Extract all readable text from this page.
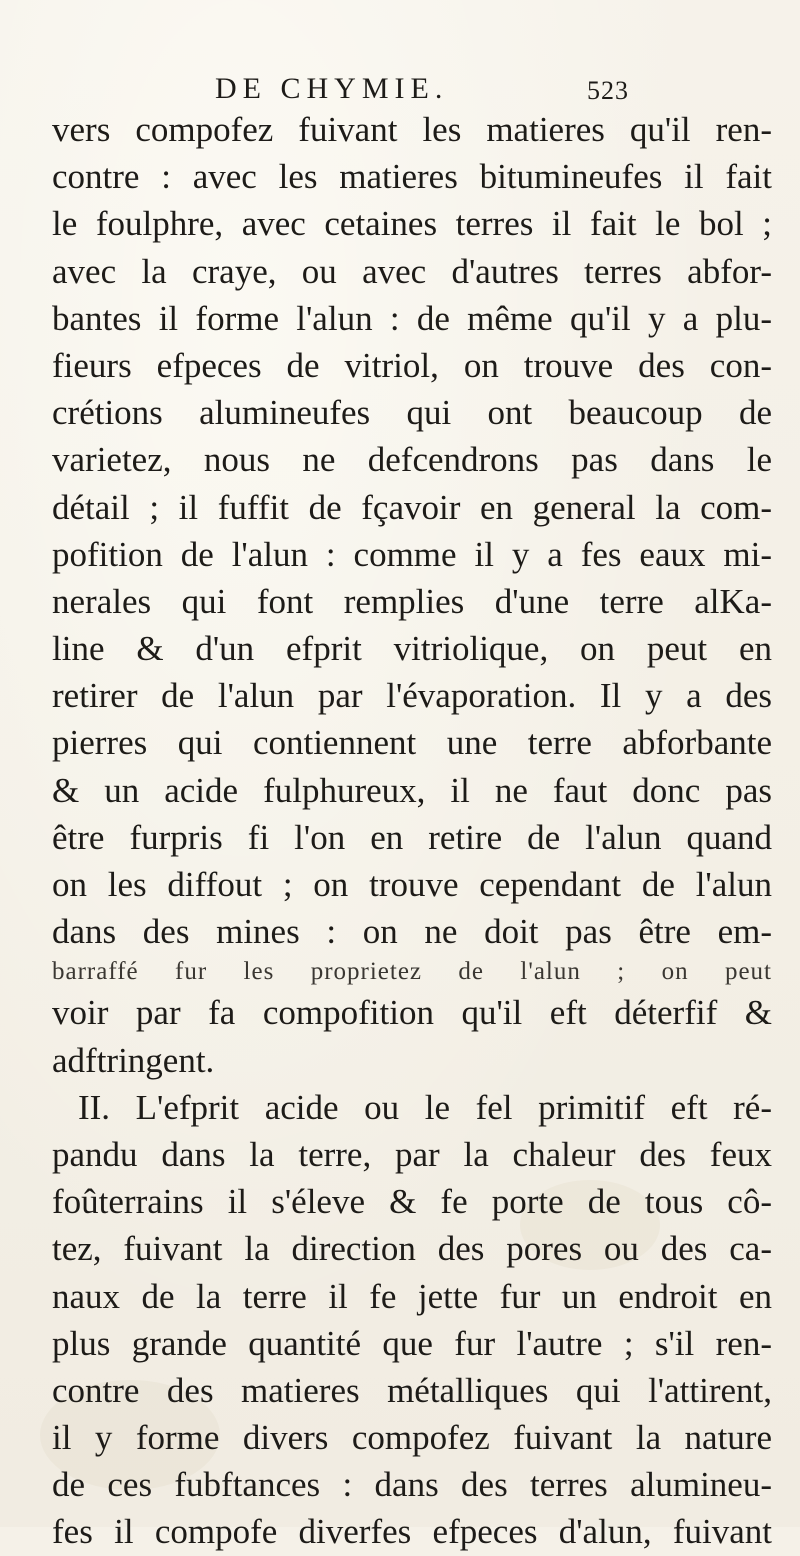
DE CHYMIE.	523
vers compofez fuivant les matieres qu'il ren-
contre : avec les matieres bitumineufes il fait
le foulphre, avec cetaines terres il fait le bol ;
avec la craye, ou avec d'autres terres abfor-
bantes il forme l'alun : de même qu'il y a plu-
fieurs efpeces de vitriol, on trouve des con-
crétions alumineufes qui ont beaucoup de
varietez, nous ne defcendrons pas dans le
détail ; il fuffit de fçavoir en general la com-
pofition de l'alun : comme il y a fes eaux mi-
nerales qui font remplies d'une terre alKa-
line & d'un efprit vitriolique, on peut en
retirer de l'alun par l'évaporation. Il y a des
pierres qui contiennent une terre abforbante
& un acide fulphureux, il ne faut donc pas
être furpris fi l'on en retire de l'alun quand
on les diffout ; on trouve cependant de l'alun
dans des mines : on ne doit pas être em-
barraffé fur les proprietez de l'alun ; on peut
voir par fa compofition qu'il eft déterfif &
adftringent.
II. L'efprit acide ou le fel primitif eft ré-
pandu dans la terre, par la chaleur des feux
foûterrains il s'éleve & fe porte de tous cô-
tez, fuivant la direction des pores ou des ca-
naux de la terre il fe jette fur un endroit en
plus grande quantité que fur l'autre ; s'il ren-
contre des matieres métalliques qui l'attirent,
il y forme divers compofez fuivant la nature
de ces fubftances : dans des terres alumineu-
fes il compofe diverfes efpeces d'alun, fuivant
